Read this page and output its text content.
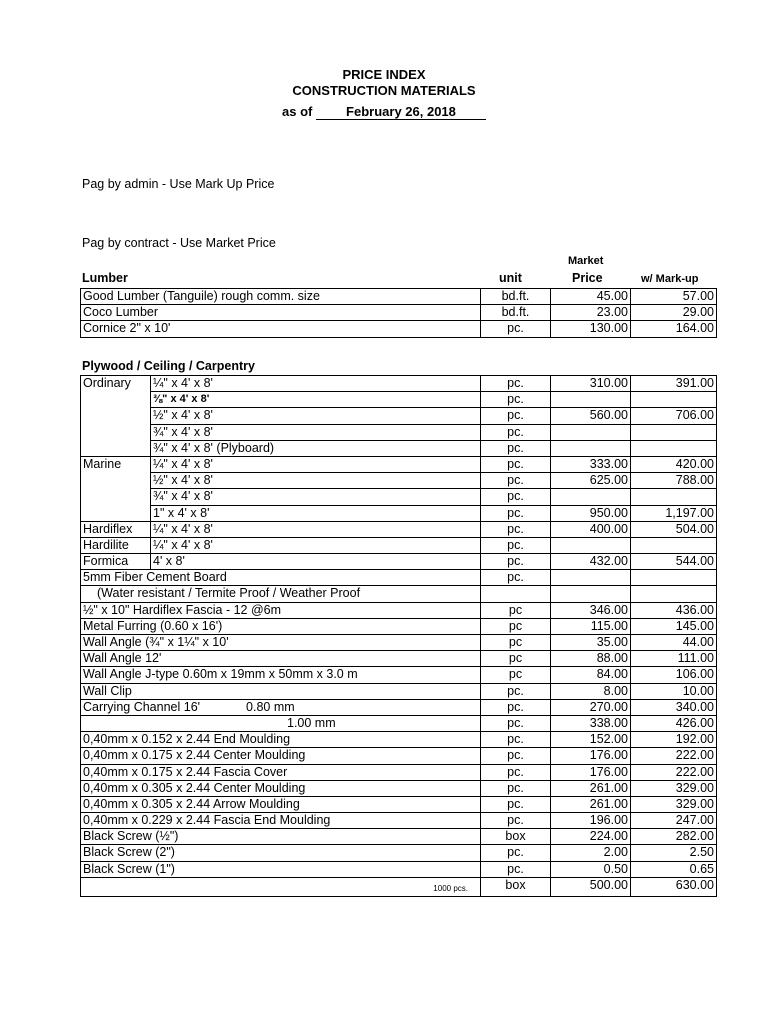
PRICE INDEX
CONSTRUCTION MATERIALS
as of	February 26, 2018
Pag by admin - Use Mark Up Price
Pag by contract - Use Market Price
Market
Lumber	unit	Price	w/ Mark-up
Good Lumber (Tanguile) rough comm. size	bd.ft.	45.00	57.00
Coco Lumber	bd.ft.	23.00	29.00
Cornice 2" x 10'	pc.	130.00	164.00
Plywood / Ceiling / Carpentry
Ordinary	¼" x 4' x 8'	pc.	310.00	391.00
	⅜" x 4' x 8'	pc.		
	½" x 4' x 8'	pc.	560.00	706.00
	¾" x 4' x 8'	pc.		
	¾" x 4' x 8' (Plyboard)	pc.		
Marine	¼" x 4' x 8'	pc.	333.00	420.00
	½" x 4' x 8'	pc.	625.00	788.00
	¾" x 4' x 8'	pc.		
	1" x 4' x 8'	pc.	950.00	1,197.00
Hardiflex	¼" x 4' x 8'	pc.	400.00	504.00
Hardilite	¼" x 4' x 8'	pc.		
Formica	4' x 8'	pc.	432.00	544.00
5mm Fiber Cement Board		pc.		
(Water resistant / Termite Proof / Weather Proof				
½" x 10" Hardiflex Fascia - 12 @6m		pc	346.00	436.00
Metal Furring (0.60 x 16')		pc	115.00	145.00
Wall Angle (¾" x 1¼" x 10'		pc	35.00	44.00
Wall Angle 12'		pc	88.00	111.00
Wall Angle J-type 0.60m x 19mm x 50mm x 3.0 m		pc	84.00	106.00
Wall Clip		pc.	8.00	10.00
Carrying Channel 16' 0.80 mm		pc.	270.00	340.00
1.00 mm		pc.	338.00	426.00
0,40mm x 0.152 x 2.44 End Moulding		pc.	152.00	192.00
0,40mm x 0.175 x 2.44 Center Moulding		pc.	176.00	222.00
0,40mm x 0.175 x 2.44 Fascia Cover		pc.	176.00	222.00
0,40mm x 0.305 x 2.44 Center Moulding		pc.	261.00	329.00
0,40mm x 0.305 x 2.44 Arrow Moulding		pc.	261.00	329.00
0,40mm x 0.229 x 2.44 Fascia End Moulding		pc.	196.00	247.00
Black Screw (½")		box	224.00	282.00
Black Screw (2")		pc.	2.00	2.50
Black Screw (1")		pc.	0.50	0.65

1000 pcs.		box	500.00	630.00
